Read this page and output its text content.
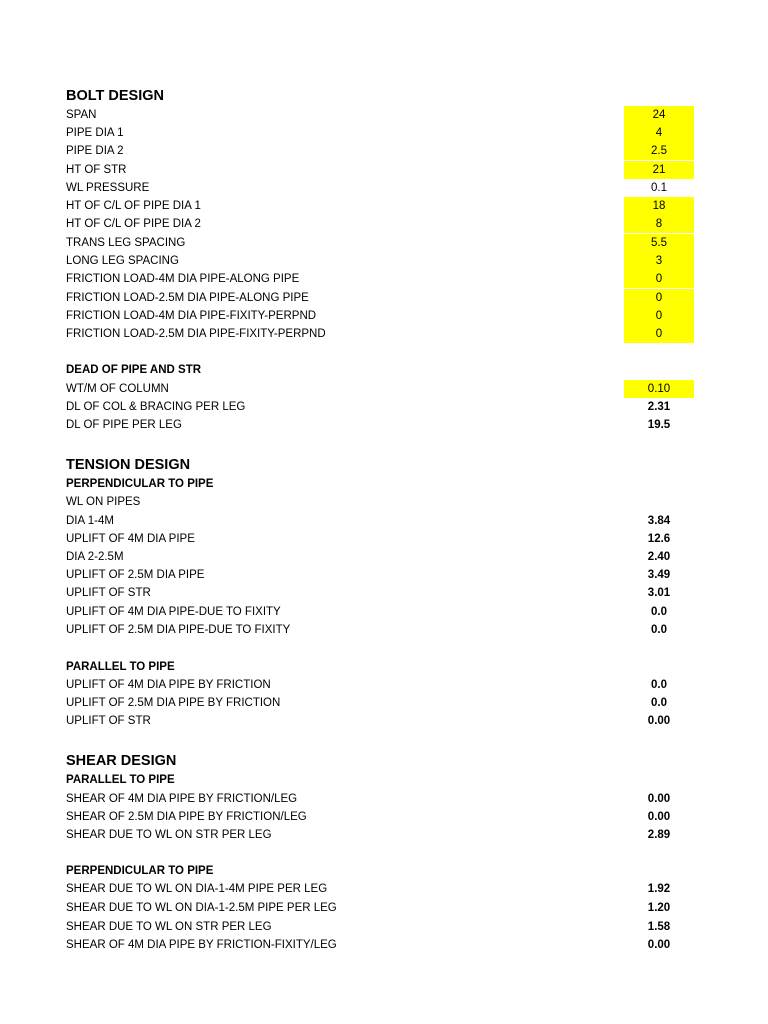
BOLT DESIGN
SPAN	24
PIPE DIA 1	4
PIPE DIA 2	2.5
HT OF STR	21
WL PRESSURE	0.1
HT OF C/L OF PIPE DIA 1	18
HT OF C/L OF PIPE DIA 2	8
TRANS LEG SPACING	5.5
LONG LEG SPACING	3
FRICTION LOAD-4M DIA PIPE-ALONG PIPE	0
FRICTION LOAD-2.5M DIA PIPE-ALONG PIPE	0
FRICTION LOAD-4M DIA PIPE-FIXITY-PERPND	0
FRICTION LOAD-2.5M DIA PIPE-FIXITY-PERPND	0
DEAD OF PIPE AND STR
WT/M OF COLUMN	0.10
DL OF COL & BRACING PER LEG	2.31
DL OF PIPE PER LEG	19.5
TENSION DESIGN
PERPENDICULAR TO PIPE
WL ON PIPES
DIA 1-4M	3.84
UPLIFT OF 4M DIA PIPE	12.6
DIA 2-2.5M	2.40
UPLIFT OF 2.5M DIA PIPE	3.49
UPLIFT OF STR	3.01
UPLIFT OF 4M DIA PIPE-DUE TO FIXITY	0.0
UPLIFT OF 2.5M DIA PIPE-DUE TO FIXITY	0.0
PARALLEL TO PIPE
UPLIFT OF 4M DIA PIPE BY FRICTION	0.0
UPLIFT OF 2.5M DIA PIPE BY FRICTION	0.0
UPLIFT OF STR	0.00
SHEAR DESIGN
PARALLEL TO PIPE
SHEAR OF 4M DIA PIPE BY FRICTION/LEG	0.00
SHEAR OF 2.5M DIA PIPE BY FRICTION/LEG	0.00
SHEAR DUE TO WL ON STR PER LEG	2.89
PERPENDICULAR TO PIPE
SHEAR DUE TO WL ON DIA-1-4M PIPE PER LEG	1.92
SHEAR DUE TO WL ON DIA-1-2.5M PIPE PER LEG	1.20
SHEAR DUE TO WL ON STR PER LEG	1.58
SHEAR OF 4M DIA PIPE BY FRICTION-FIXITY/LEG	0.00
